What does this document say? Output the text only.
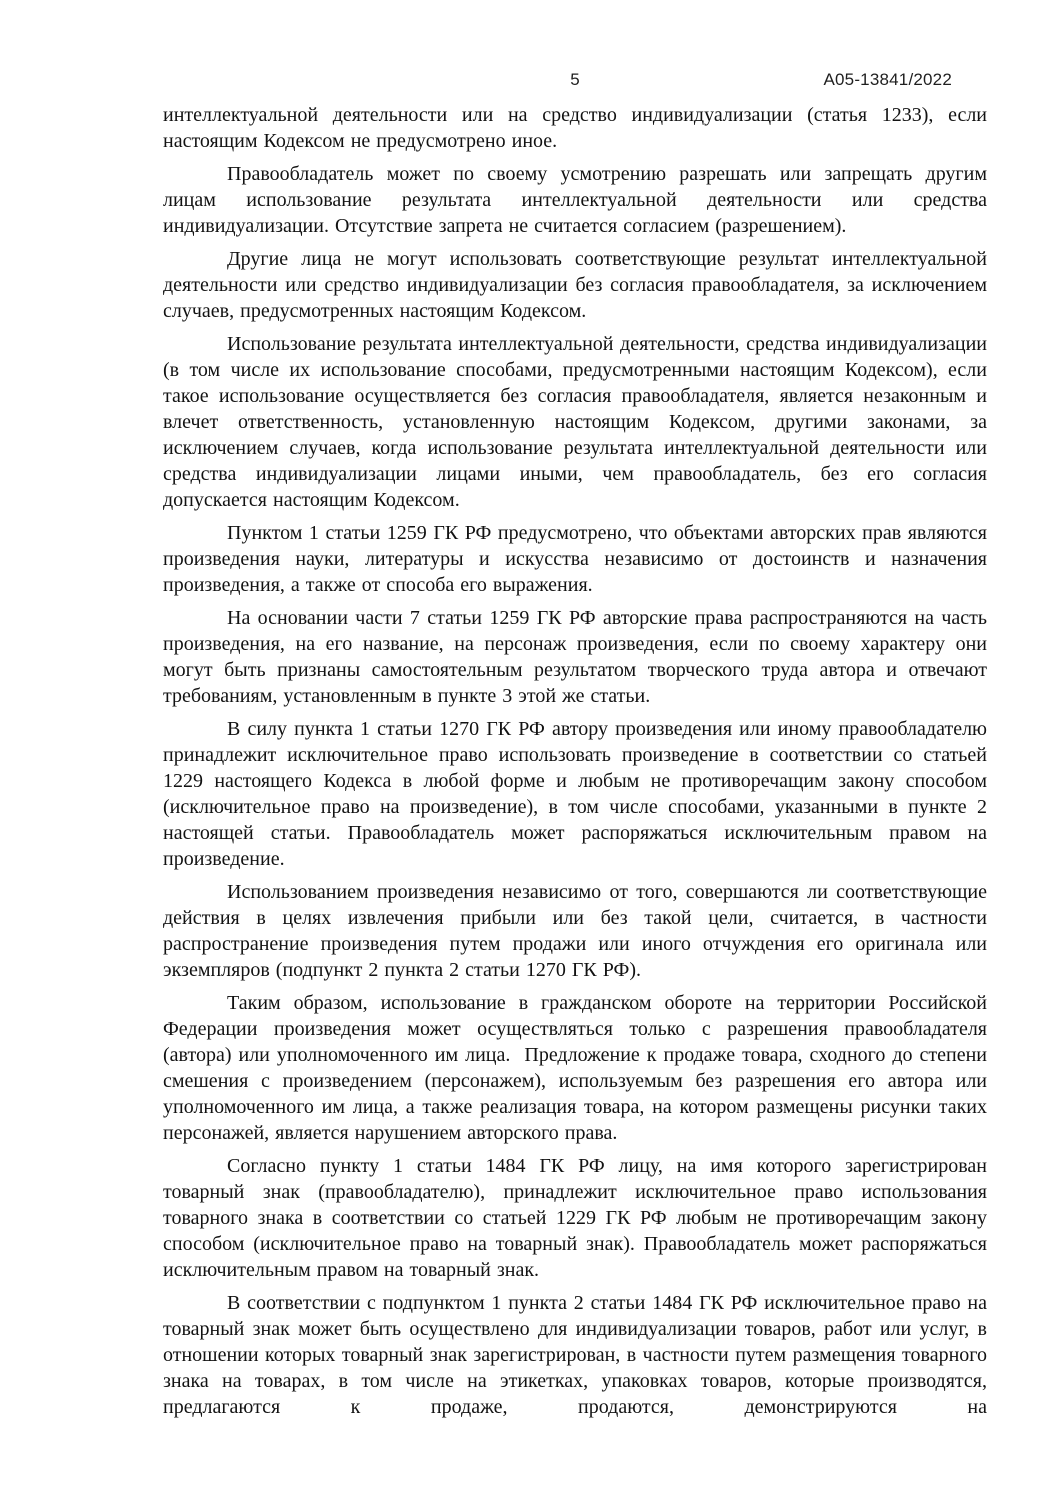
5	А05-13841/2022

интеллектуальной деятельности или на средство индивидуализации (статья 1233), если настоящим Кодексом не предусмотрено иное.

Правообладатель может по своему усмотрению разрешать или запрещать другим лицам использование результата интеллектуальной деятельности или средства индивидуализации. Отсутствие запрета не считается согласием (разрешением).

Другие лица не могут использовать соответствующие результат интеллектуальной деятельности или средство индивидуализации без согласия правообладателя, за исключением случаев, предусмотренных настоящим Кодексом.

Использование результата интеллектуальной деятельности, средства индивидуализации (в том числе их использование способами, предусмотренными настоящим Кодексом), если такое использование осуществляется без согласия правообладателя, является незаконным и влечет ответственность, установленную настоящим Кодексом, другими законами, за исключением случаев, когда использование результата интеллектуальной деятельности или средства индивидуализации лицами иными, чем правообладатель, без его согласия допускается настоящим Кодексом.

Пунктом 1 статьи 1259 ГК РФ предусмотрено, что объектами авторских прав являются произведения науки, литературы и искусства независимо от достоинств и назначения произведения, а также от способа его выражения.

На основании части 7 статьи 1259 ГК РФ авторские права распространяются на часть произведения, на его название, на персонаж произведения, если по своему характеру они могут быть признаны самостоятельным результатом творческого труда автора и отвечают требованиям, установленным в пункте 3 этой же статьи.

В силу пункта 1 статьи 1270 ГК РФ автору произведения или иному правообладателю принадлежит исключительное право использовать произведение в соответствии со статьей 1229 настоящего Кодекса в любой форме и любым не противоречащим закону способом (исключительное право на произведение), в том числе способами, указанными в пункте 2 настоящей статьи. Правообладатель может распоряжаться исключительным правом на произведение.

Использованием произведения независимо от того, совершаются ли соответствующие действия в целях извлечения прибыли или без такой цели, считается, в частности распространение произведения путем продажи или иного отчуждения его оригинала или экземпляров (подпункт 2 пункта 2 статьи 1270 ГК РФ).

Таким образом, использование в гражданском обороте на территории Российской Федерации произведения может осуществляться только с разрешения правообладателя (автора) или уполномоченного им лица.  Предложение к продаже товара, сходного до степени смешения с произведением (персонажем), используемым без разрешения его автора или уполномоченного им лица, а также реализация товара, на котором размещены рисунки таких персонажей, является нарушением авторского права.

Согласно пункту 1 статьи 1484 ГК РФ лицу, на имя которого зарегистрирован товарный знак (правообладателю), принадлежит исключительное право использования товарного знака в соответствии со статьей 1229 ГК РФ любым не противоречащим закону способом (исключительное право на товарный знак). Правообладатель может распоряжаться исключительным правом на товарный знак.

В соответствии с подпунктом 1 пункта 2 статьи 1484 ГК РФ исключительное право на товарный знак может быть осуществлено для индивидуализации товаров, работ или услуг, в отношении которых товарный знак зарегистрирован, в частности путем размещения товарного знака на товарах, в том числе на этикетках, упаковках товаров, которые производятся, предлагаются к продаже, продаются, демонстрируются на
